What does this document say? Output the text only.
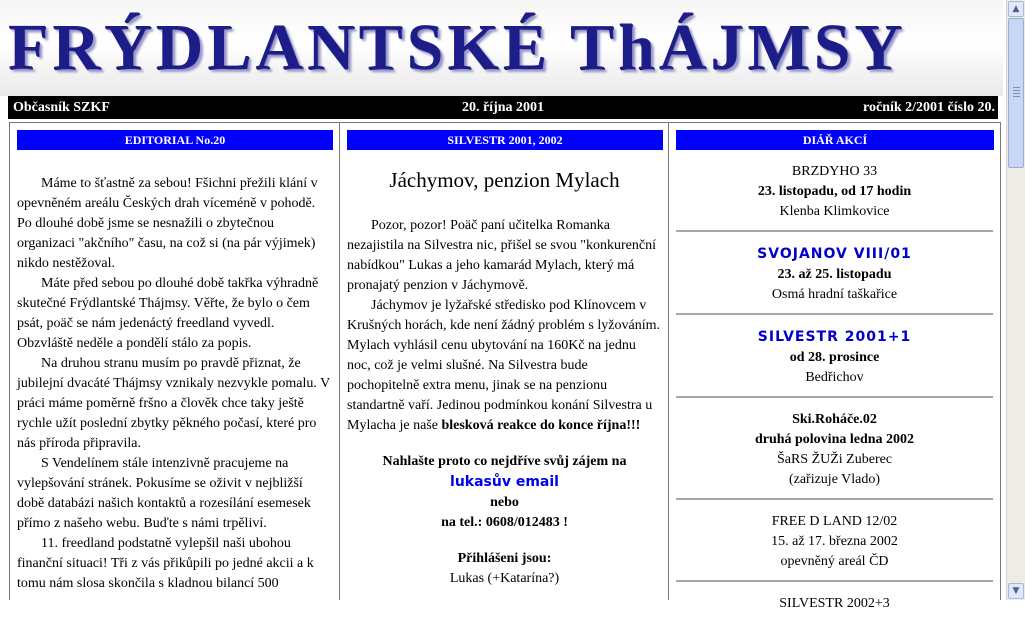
FRÝDLANTSKÉ ThÁJMSY
Občasník SZKF	20. října 2001	ročník 2/2001 číslo 20.
EDITORIAL No.20

Máme to šťastně za sebou! Fšichni přežili klání v opevněném areálu Českých drah víceméně v pohodě. Po dlouhé době jsme se nesnažili o zbytečnou organizaci "akčního" času, na což si (na pár výjimek) nikdo nestěžoval.

Máte před sebou po dlouhé době takřka výhradně skutečné Frýdlantské Thájmsy. Věřte, že bylo o čem psát, poäč se nám jedenáctý freedland vyvedl. Obzvláště neděle a pondělí stálo za popis.

Na druhou stranu musím po pravdě přiznat, že jubilejní dvacáté Thájmsy vznikaly nezvykle pomalu. V práci máme poměrně fršno a člověk chce taky ještě rychle užít poslední zbytky pěkného počasí, které pro nás příroda připravila.

S Vendelínem stále intenzivně pracujeme na vylepšování stránek. Pokusíme se oživit v nejbližší době databázi našich kontaktů a rozesílání esemesek přímo z našeho webu. Buďte s námi trpěliví.

11. freedland podstatně vylepšil naši ubohou finanční situaci! Tři z vás přikůpili po jedné akcii a k tomu nám slosa skončila s kladnou bilancí 500

SILVESTR 2001, 2002
Jáchymov, penzion Mylach

Pozor, pozor! Poäč paní učitelka Romanka nezajistila na Silvestra nic, přišel se svou "konkurenční nabídkou" Lukas a jeho kamarád Mylach, který má pronajatý penzion v Jáchymově.

Jáchymov je lyžařské středisko pod Klínovcem v Krušných horách, kde není žádný problém s lyžováním. Mylach vyhlásil cenu ubytování na 160Kč na jednu noc, což je velmi slušné. Na Silvestra bude pochopitelně extra menu, jinak se na penzionu standartně vaří. Jedinou podmínkou konání Silvestra u Mylacha je naše blesková reakce do konce října!!!

Nahlašte proto co nejdříve svůj zájem na
lukasův email
nebo
na tel.: 0608/012483 !
Přihlášeni jsou:
Lukas (+Katarína?)
DIÁŘ AKCÍ
BRZDYHO 33
23. listopadu, od 17 hodin
Klenba Klimkovice
SVOJANOV VIII/01
23. až 25. listopadu
Osmá hradní taškařice
SILVESTR 2001+1
od 28. prosince
Bedřichov
Ski.Roháče.02
druhá polovina ledna 2002
ŠaRS ŽUŽi Zuberec
(zařizuje Vlado)
FREE D LAND 12/02
15. až 17. března 2002
opevněný areál ČD
SILVESTR 2002+3
▲
▼
